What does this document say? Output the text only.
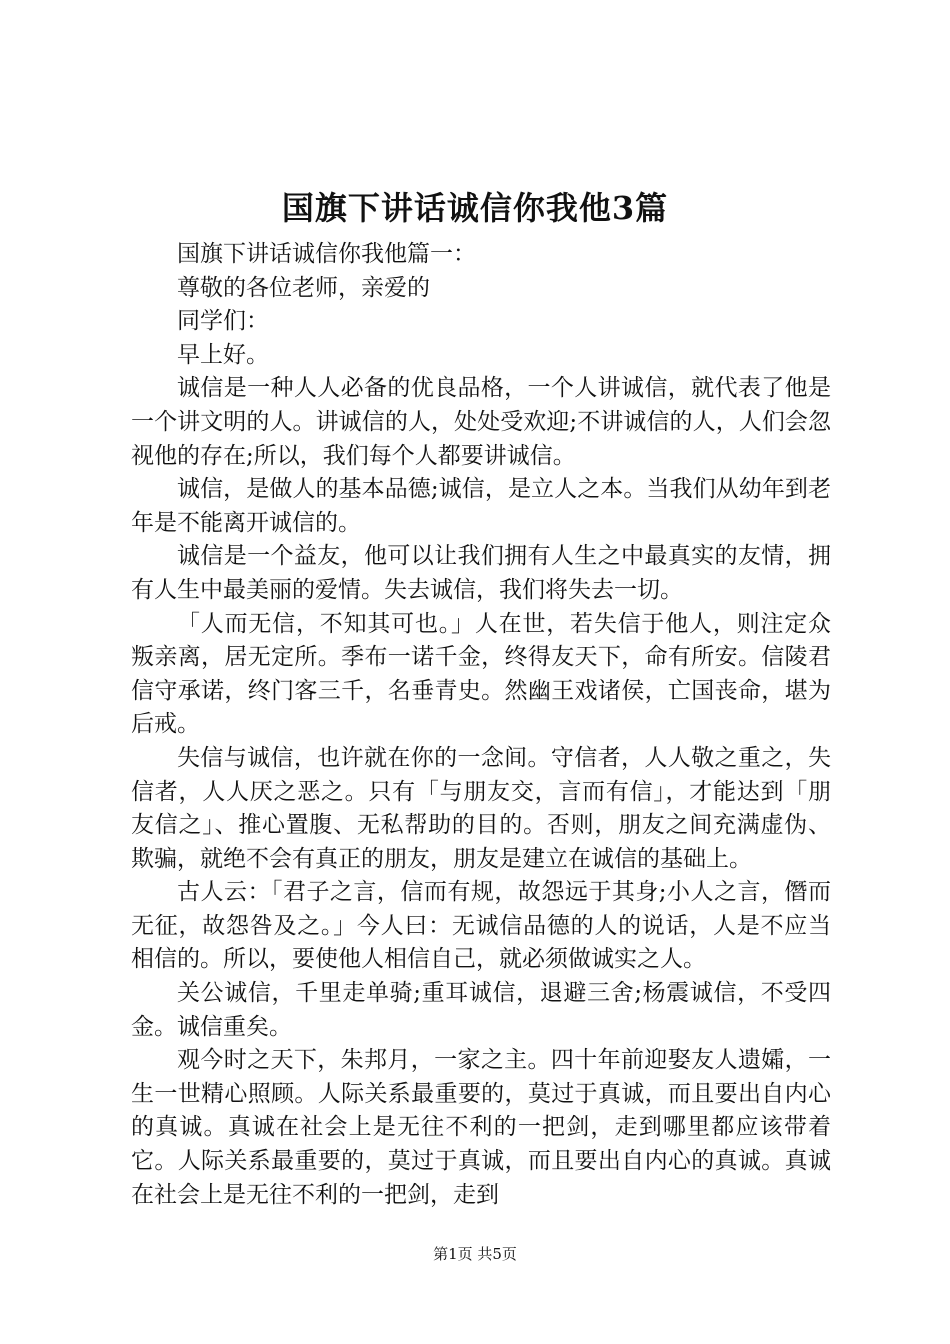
国旗下讲话诚信你我他3篇

国旗下讲话诚信你我他篇一：

尊敬的各位老师，亲爱的

同学们：

早上好。

诚信是一种人人必备的优良品格，一个人讲诚信，就代表了他是一个讲文明的人。讲诚信的人，处处受欢迎;不讲诚信的人，人们会忽视他的存在;所以，我们每个人都要讲诚信。

诚信，是做人的基本品德;诚信，是立人之本。当我们从幼年到老年是不能离开诚信的。

诚信是一个益友，他可以让我们拥有人生之中最真实的友情，拥有人生中最美丽的爱情。失去诚信，我们将失去一切。

「人而无信，不知其可也。」人在世，若失信于他人，则注定众叛亲离，居无定所。季布一诺千金，终得友天下，命有所安。信陵君信守承诺，终门客三千，名垂青史。然幽王戏诸侯，亡国丧命，堪为后戒。

失信与诚信，也许就在你的一念间。守信者，人人敬之重之，失信者，人人厌之恶之。只有「与朋友交，言而有信」，才能达到「朋友信之」、推心置腹、无私帮助的目的。否则，朋友之间充满虚伪、欺骗，就绝不会有真正的朋友，朋友是建立在诚信的基础上。

古人云：「君子之言，信而有规，故怨远于其身;小人之言，僭而无征，故怨咎及之。」今人曰：无诚信品德的人的说话，人是不应当相信的。所以，要使他人相信自己，就必须做诚实之人。

关公诚信，千里走单骑;重耳诚信，退避三舍;杨震诚信，不受四金。诚信重矣。

观今时之天下，朱邦月，一家之主。四十年前迎娶友人遗孀，一生一世精心照顾。人际关系最重要的，莫过于真诚，而且要出自内心的真诚。真诚在社会上是无往不利的一把剑，走到哪里都应该带着它。人际关系最重要的，莫过于真诚，而且要出自内心的真诚。真诚在社会上是无往不利的一把剑，走到

第1页 共5页
